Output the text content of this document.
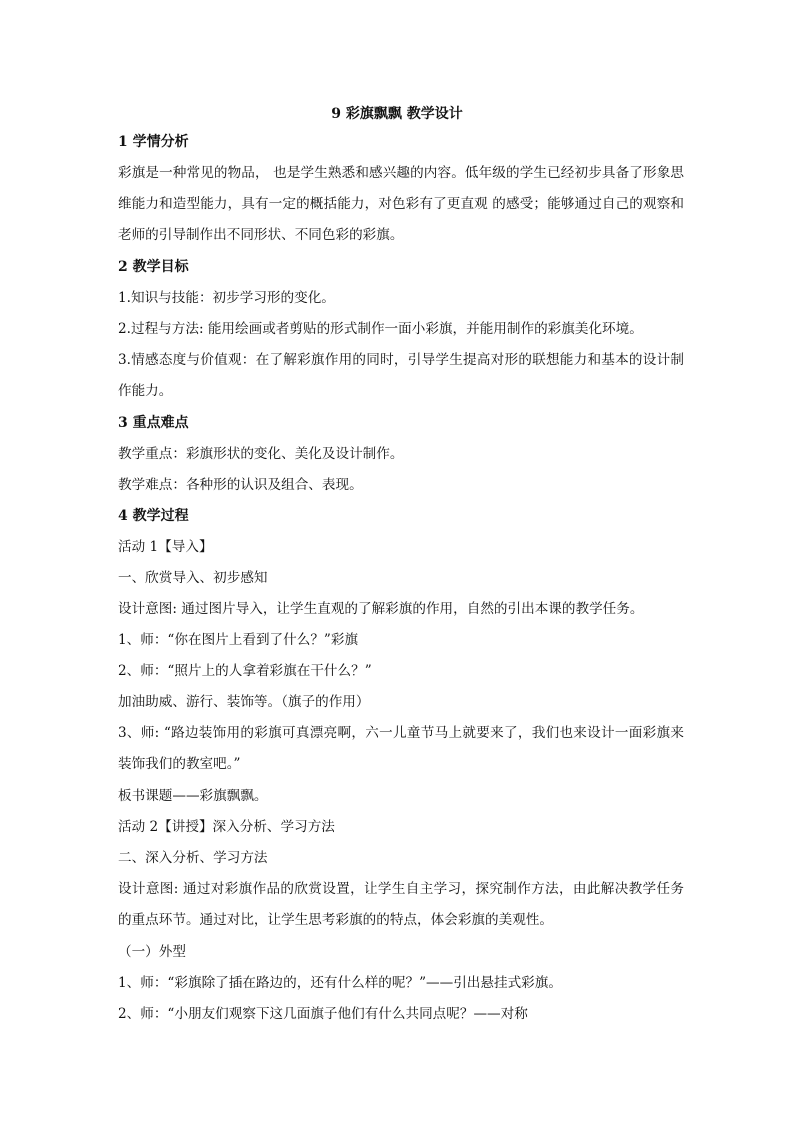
9 彩旗飘飘 教学设计
1 学情分析
彩旗是一种常见的物品， 也是学生熟悉和感兴趣的内容。低年级的学生已经初步具备了形象思维能力和造型能力，具有一定的概括能力，对色彩有了更直观 的感受；能够通过自己的观察和老师的引导制作出不同形状、不同色彩的彩旗。
2 教学目标
1.知识与技能：初步学习形的变化。
2.过程与方法: 能用绘画或者剪贴的形式制作一面小彩旗，并能用制作的彩旗美化环境。
3.情感态度与价值观：在了解彩旗作用的同时，引导学生提高对形的联想能力和基本的设计制作能力。
3 重点难点
教学重点：彩旗形状的变化、美化及设计制作。
教学难点：各种形的认识及组合、表现。
4 教学过程
活动 1【导入】
一、欣赏导入、初步感知
设计意图: 通过图片导入，让学生直观的了解彩旗的作用，自然的引出本课的教学任务。
1、师：“你在图片上看到了什么？”彩旗
2、师：“照片上的人拿着彩旗在干什么？”
加油助威、游行、装饰等。（旗子的作用）
3、师: “路边装饰用的彩旗可真漂亮啊，六一儿童节马上就要来了，我们也来设计一面彩旗来装饰我们的教室吧。”
板书课题——彩旗飘飘。
活动 2【讲授】深入分析、学习方法
二、深入分析、学习方法
设计意图: 通过对彩旗作品的欣赏设置，让学生自主学习，探究制作方法，由此解决教学任务的重点环节。通过对比，让学生思考彩旗的的特点，体会彩旗的美观性。
（一）外型
1、师：“彩旗除了插在路边的，还有什么样的呢？”——引出悬挂式彩旗。
2、师：“小朋友们观察下这几面旗子他们有什么共同点呢？——对称
